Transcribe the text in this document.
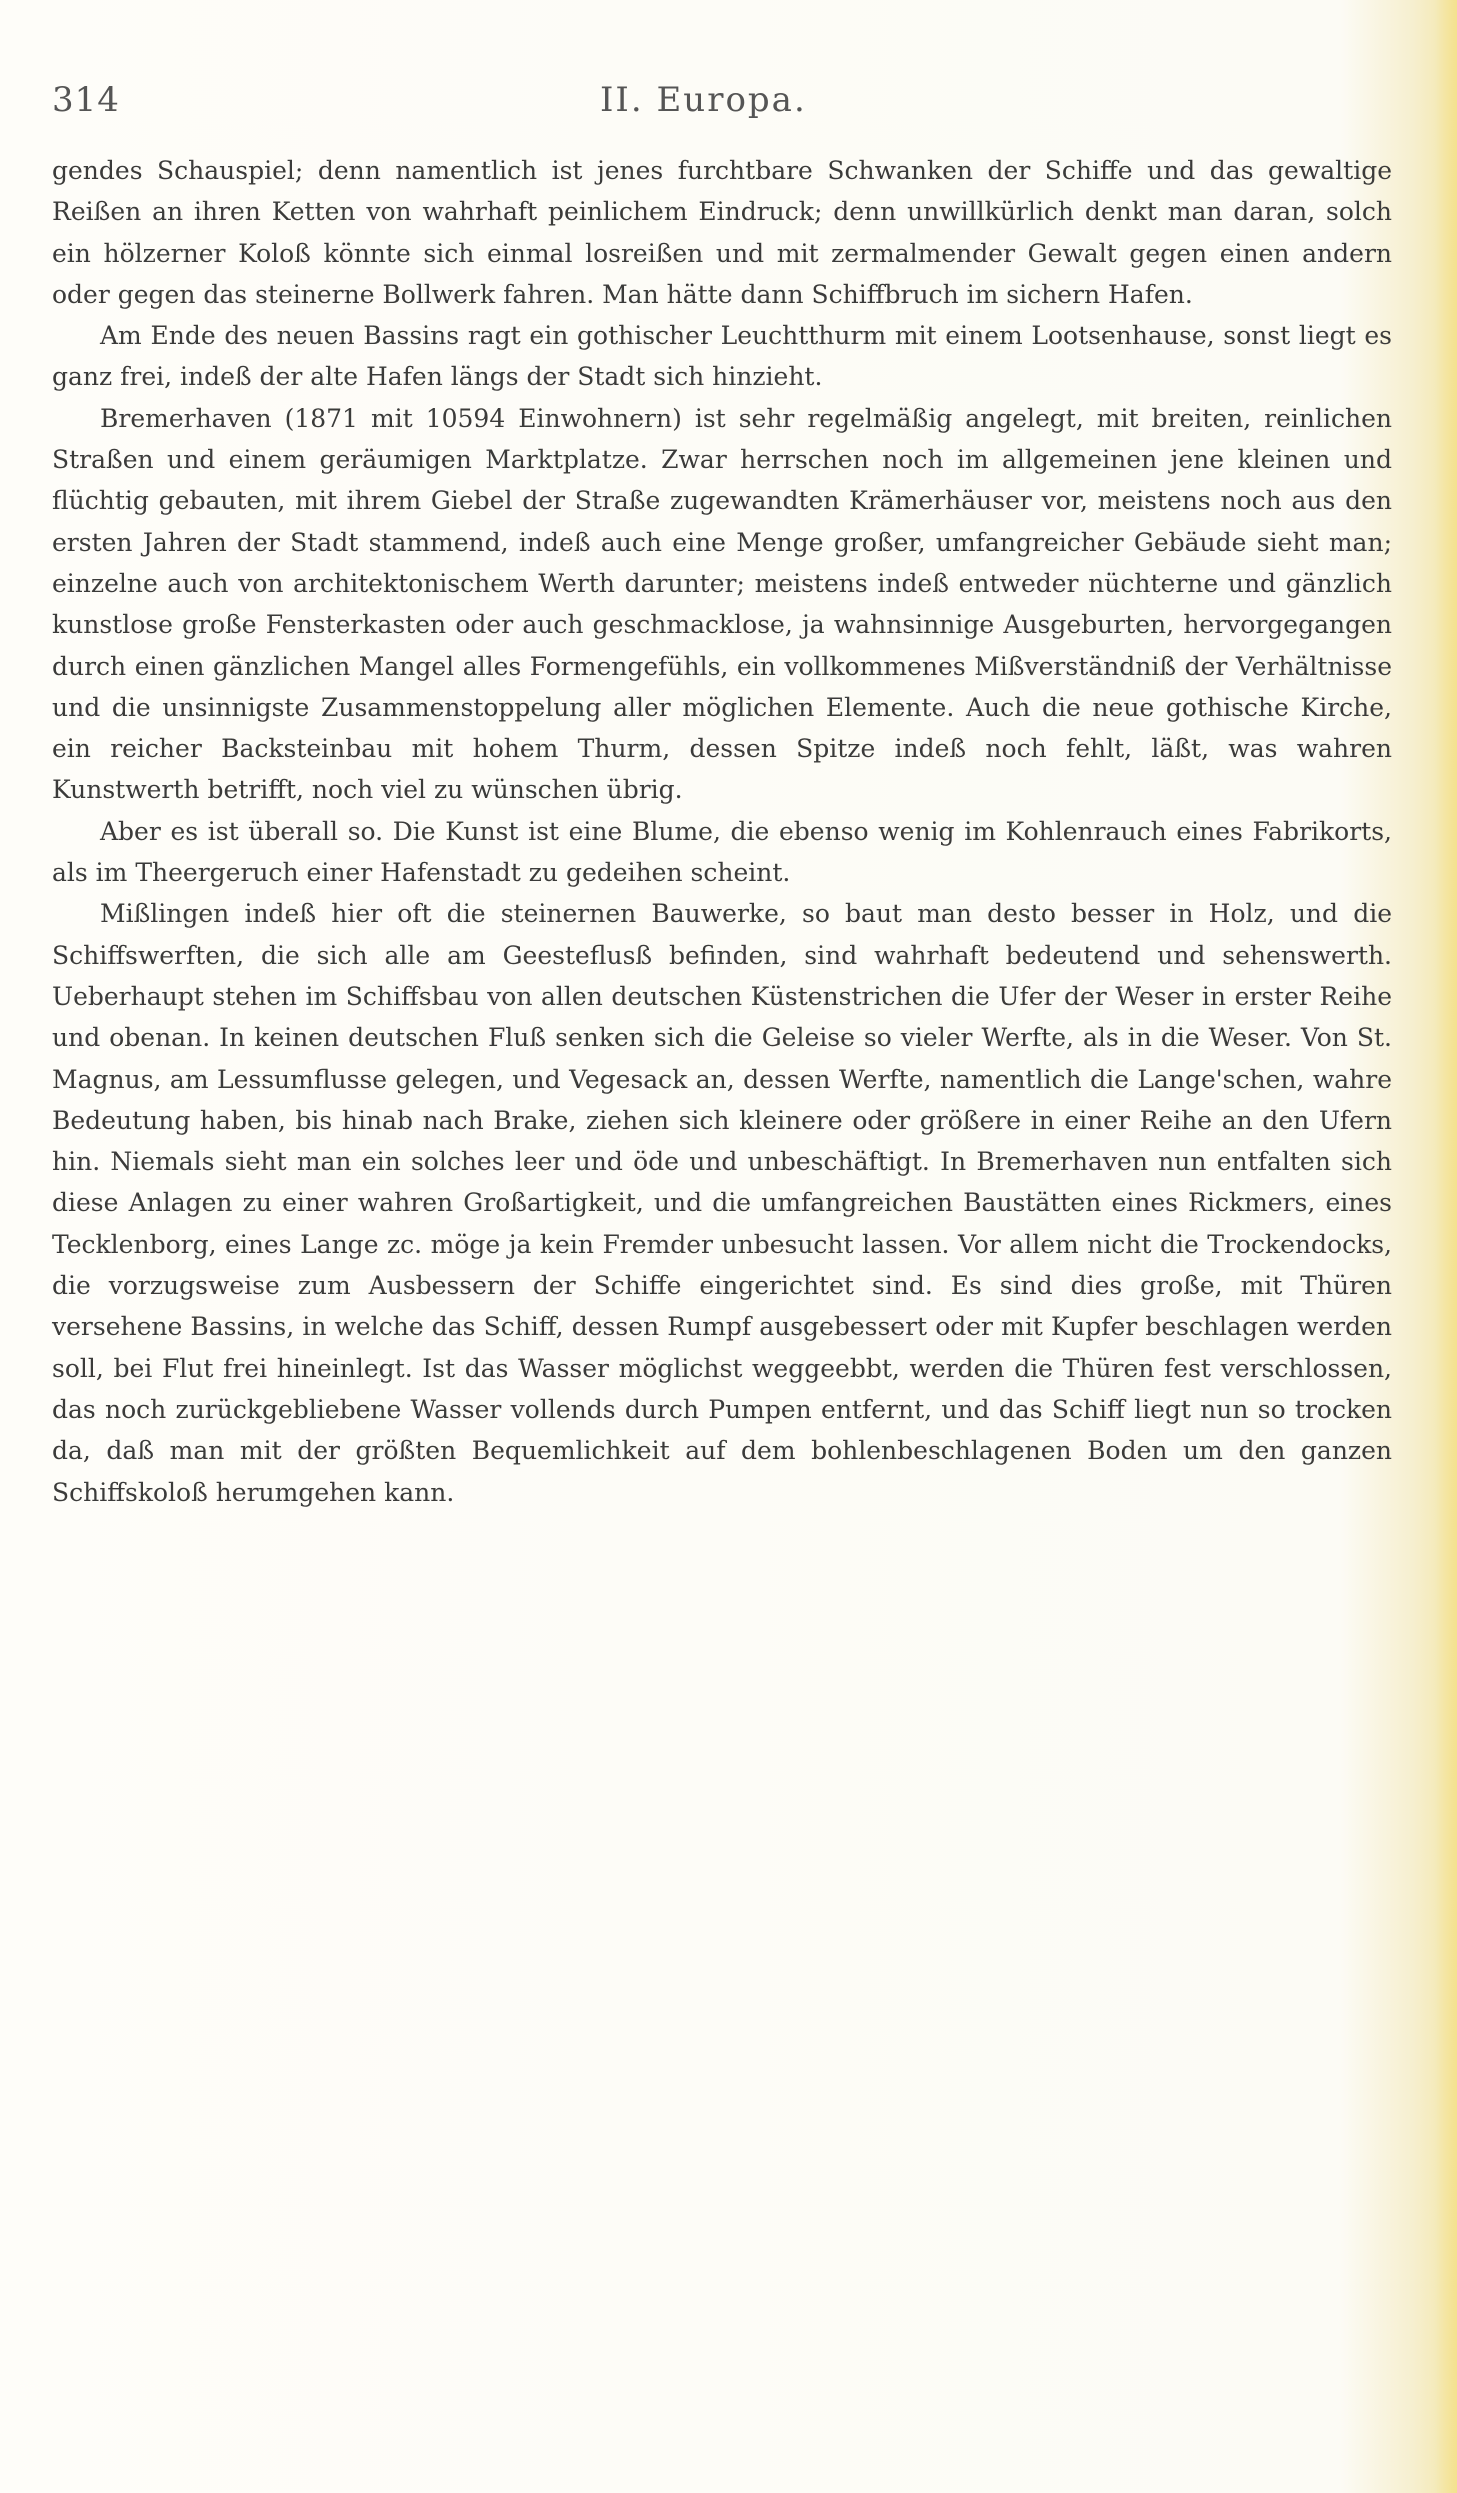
314	II. Europa.

gendes Schauspiel; denn namentlich ist jenes furchtbare Schwanken der Schiffe und das gewaltige Reißen an ihren Ketten von wahrhaft peinlichem Eindruck; denn unwillkürlich denkt man daran, solch ein hölzerner Koloß könnte sich einmal losreißen und mit zermalmender Gewalt gegen einen andern oder gegen das steinerne Bollwerk fahren. Man hätte dann Schiffbruch im sichern Hafen.

Am Ende des neuen Bassins ragt ein gothischer Leuchtthurm mit einem Lootsenhause, sonst liegt es ganz frei, indeß der alte Hafen längs der Stadt sich hinzieht.

Bremerhaven (1871 mit 10594 Einwohnern) ist sehr regelmäßig angelegt, mit breiten, reinlichen Straßen und einem geräumigen Marktplatze. Zwar herrschen noch im allgemeinen jene kleinen und flüchtig gebauten, mit ihrem Giebel der Straße zugewandten Krämerhäuser vor, meistens noch aus den ersten Jahren der Stadt stammend, indeß auch eine Menge großer, umfangreicher Gebäude sieht man; einzelne auch von architektonischem Werth darunter; meistens indeß entweder nüchterne und gänzlich kunstlose große Fensterkasten oder auch geschmacklose, ja wahnsinnige Ausgeburten, hervorgegangen durch einen gänzlichen Mangel alles Formengefühls, ein vollkommenes Mißverständniß der Verhältnisse und die unsinnigste Zusammenstoppelung aller möglichen Elemente. Auch die neue gothische Kirche, ein reicher Backsteinbau mit hohem Thurm, dessen Spitze indeß noch fehlt, läßt, was wahren Kunstwerth betrifft, noch viel zu wünschen übrig.

Aber es ist überall so. Die Kunst ist eine Blume, die ebenso wenig im Kohlenrauch eines Fabrikorts, als im Theergeruch einer Hafenstadt zu gedeihen scheint.

Mißlingen indeß hier oft die steinernen Bauwerke, so baut man desto besser in Holz, und die Schiffswerften, die sich alle am Geesteflusß befinden, sind wahrhaft bedeutend und sehenswerth. Ueberhaupt stehen im Schiffsbau von allen deutschen Küstenstrichen die Ufer der Weser in erster Reihe und obenan. In keinen deutschen Fluß senken sich die Geleise so vieler Werfte, als in die Weser. Von St. Magnus, am Lessumflusse gelegen, und Vegesack an, dessen Werfte, namentlich die Lange'schen, wahre Bedeutung haben, bis hinab nach Brake, ziehen sich kleinere oder größere in einer Reihe an den Ufern hin. Niemals sieht man ein solches leer und öde und unbeschäftigt. In Bremerhaven nun entfalten sich diese Anlagen zu einer wahren Großartigkeit, und die umfangreichen Baustätten eines Rickmers, eines Tecklenborg, eines Lange zc. möge ja kein Fremder unbesucht lassen. Vor allem nicht die Trockendocks, die vorzugsweise zum Ausbessern der Schiffe eingerichtet sind. Es sind dies große, mit Thüren versehene Bassins, in welche das Schiff, dessen Rumpf ausgebessert oder mit Kupfer beschlagen werden soll, bei Flut frei hineinlegt. Ist das Wasser möglichst weggeebbt, werden die Thüren fest verschlossen, das noch zurückgebliebene Wasser vollends durch Pumpen entfernt, und das Schiff liegt nun so trocken da, daß man mit der größten Bequemlichkeit auf dem bohlenbeschlagenen Boden um den ganzen Schiffskoloß herumgehen kann.
